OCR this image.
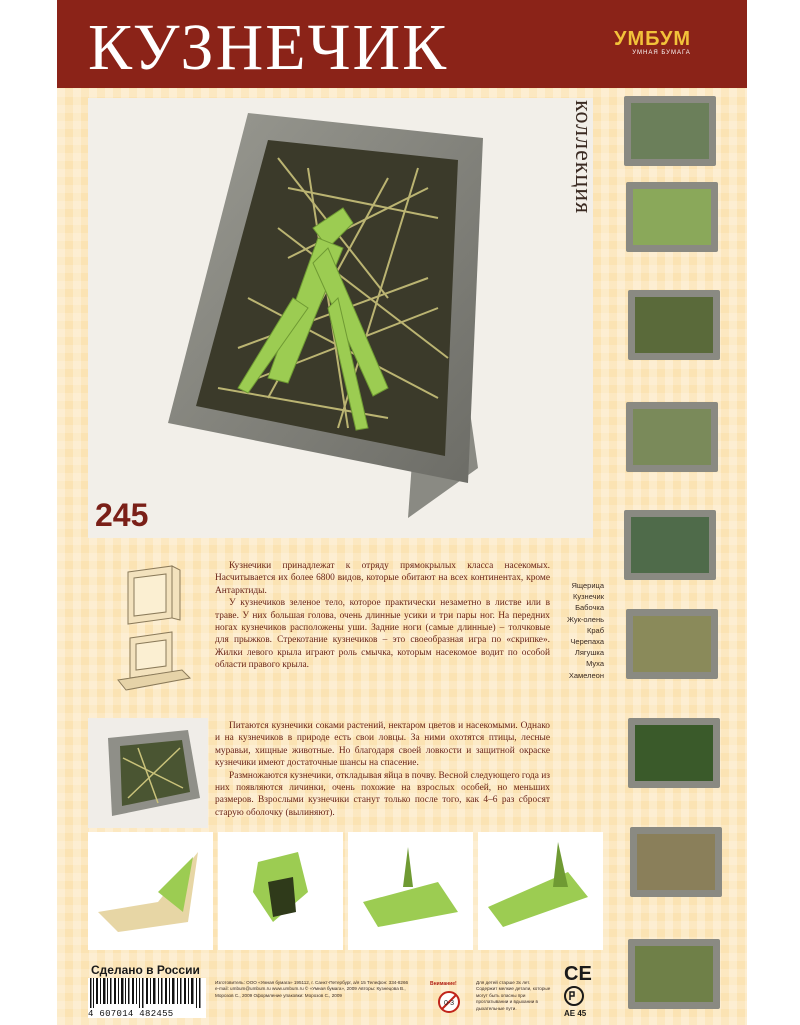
КУЗНЕЧИК	УМБУМ
УМНАЯ БУМАГА
коллекция
245
Ящерица
Кузнечик
Бабочка
Жук-олень
Краб
Черепаха
Лягушка
Муха
Хамелеон

Кузнечики принадлежат к отряду прямокрылых класса насекомых. Насчитывается их более 6800 видов, которые обитают на всех континентах, кроме Антарктиды.

У кузнечиков зеленое тело, которое практически незаметно в листве или в траве. У них большая голова, очень длинные усики и три пары ног. На передних ногах кузнечиков расположены уши. Задние ноги (самые длинные) – толчковые для прыжков. Стрекотание кузнечиков – это своеобразная игра по «скрипке». Жилки левого крыла играют роль смычка, которым насекомое водит по особой области правого крыла.

Питаются кузнечики соками растений, нектаром цветов и насекомыми. Однако и на кузнечиков в природе есть свои ловцы. За ними охотятся птицы, лесные муравьи, хищные животные. Но благодаря своей ловкости и защитной окраске кузнечики имеют достаточные шансы на спасение.

Размножаются кузнечики, откладывая яйца в почву. Весной следующего года из них появляются личинки, очень похожие на взрослых особей, но меньших размеров. Взрослыми кузнечики станут только после того, как 4–6 раз сбросят старую оболочку (вылиняют).

Сделано в России
4 607014 482455
Изготовитель: ООО «Умная бумага» 195112, г. Санкт-Петербург, а/я 15 Телефон: 334-8266 e-mail: umbum@umbum.ru www.umbum.ru © «Умная бумага», 2009 Авторы: Кузнецова В., Морозов С., 2009 Оформление упаковки: Морозов С., 2009
Внимание!
0-3
Для детей старше 3х лет. Содержит мелкие детали, которые могут быть опасны при проглатывании и вдыхании в дыхательные пути.
CE
АЕ 45
